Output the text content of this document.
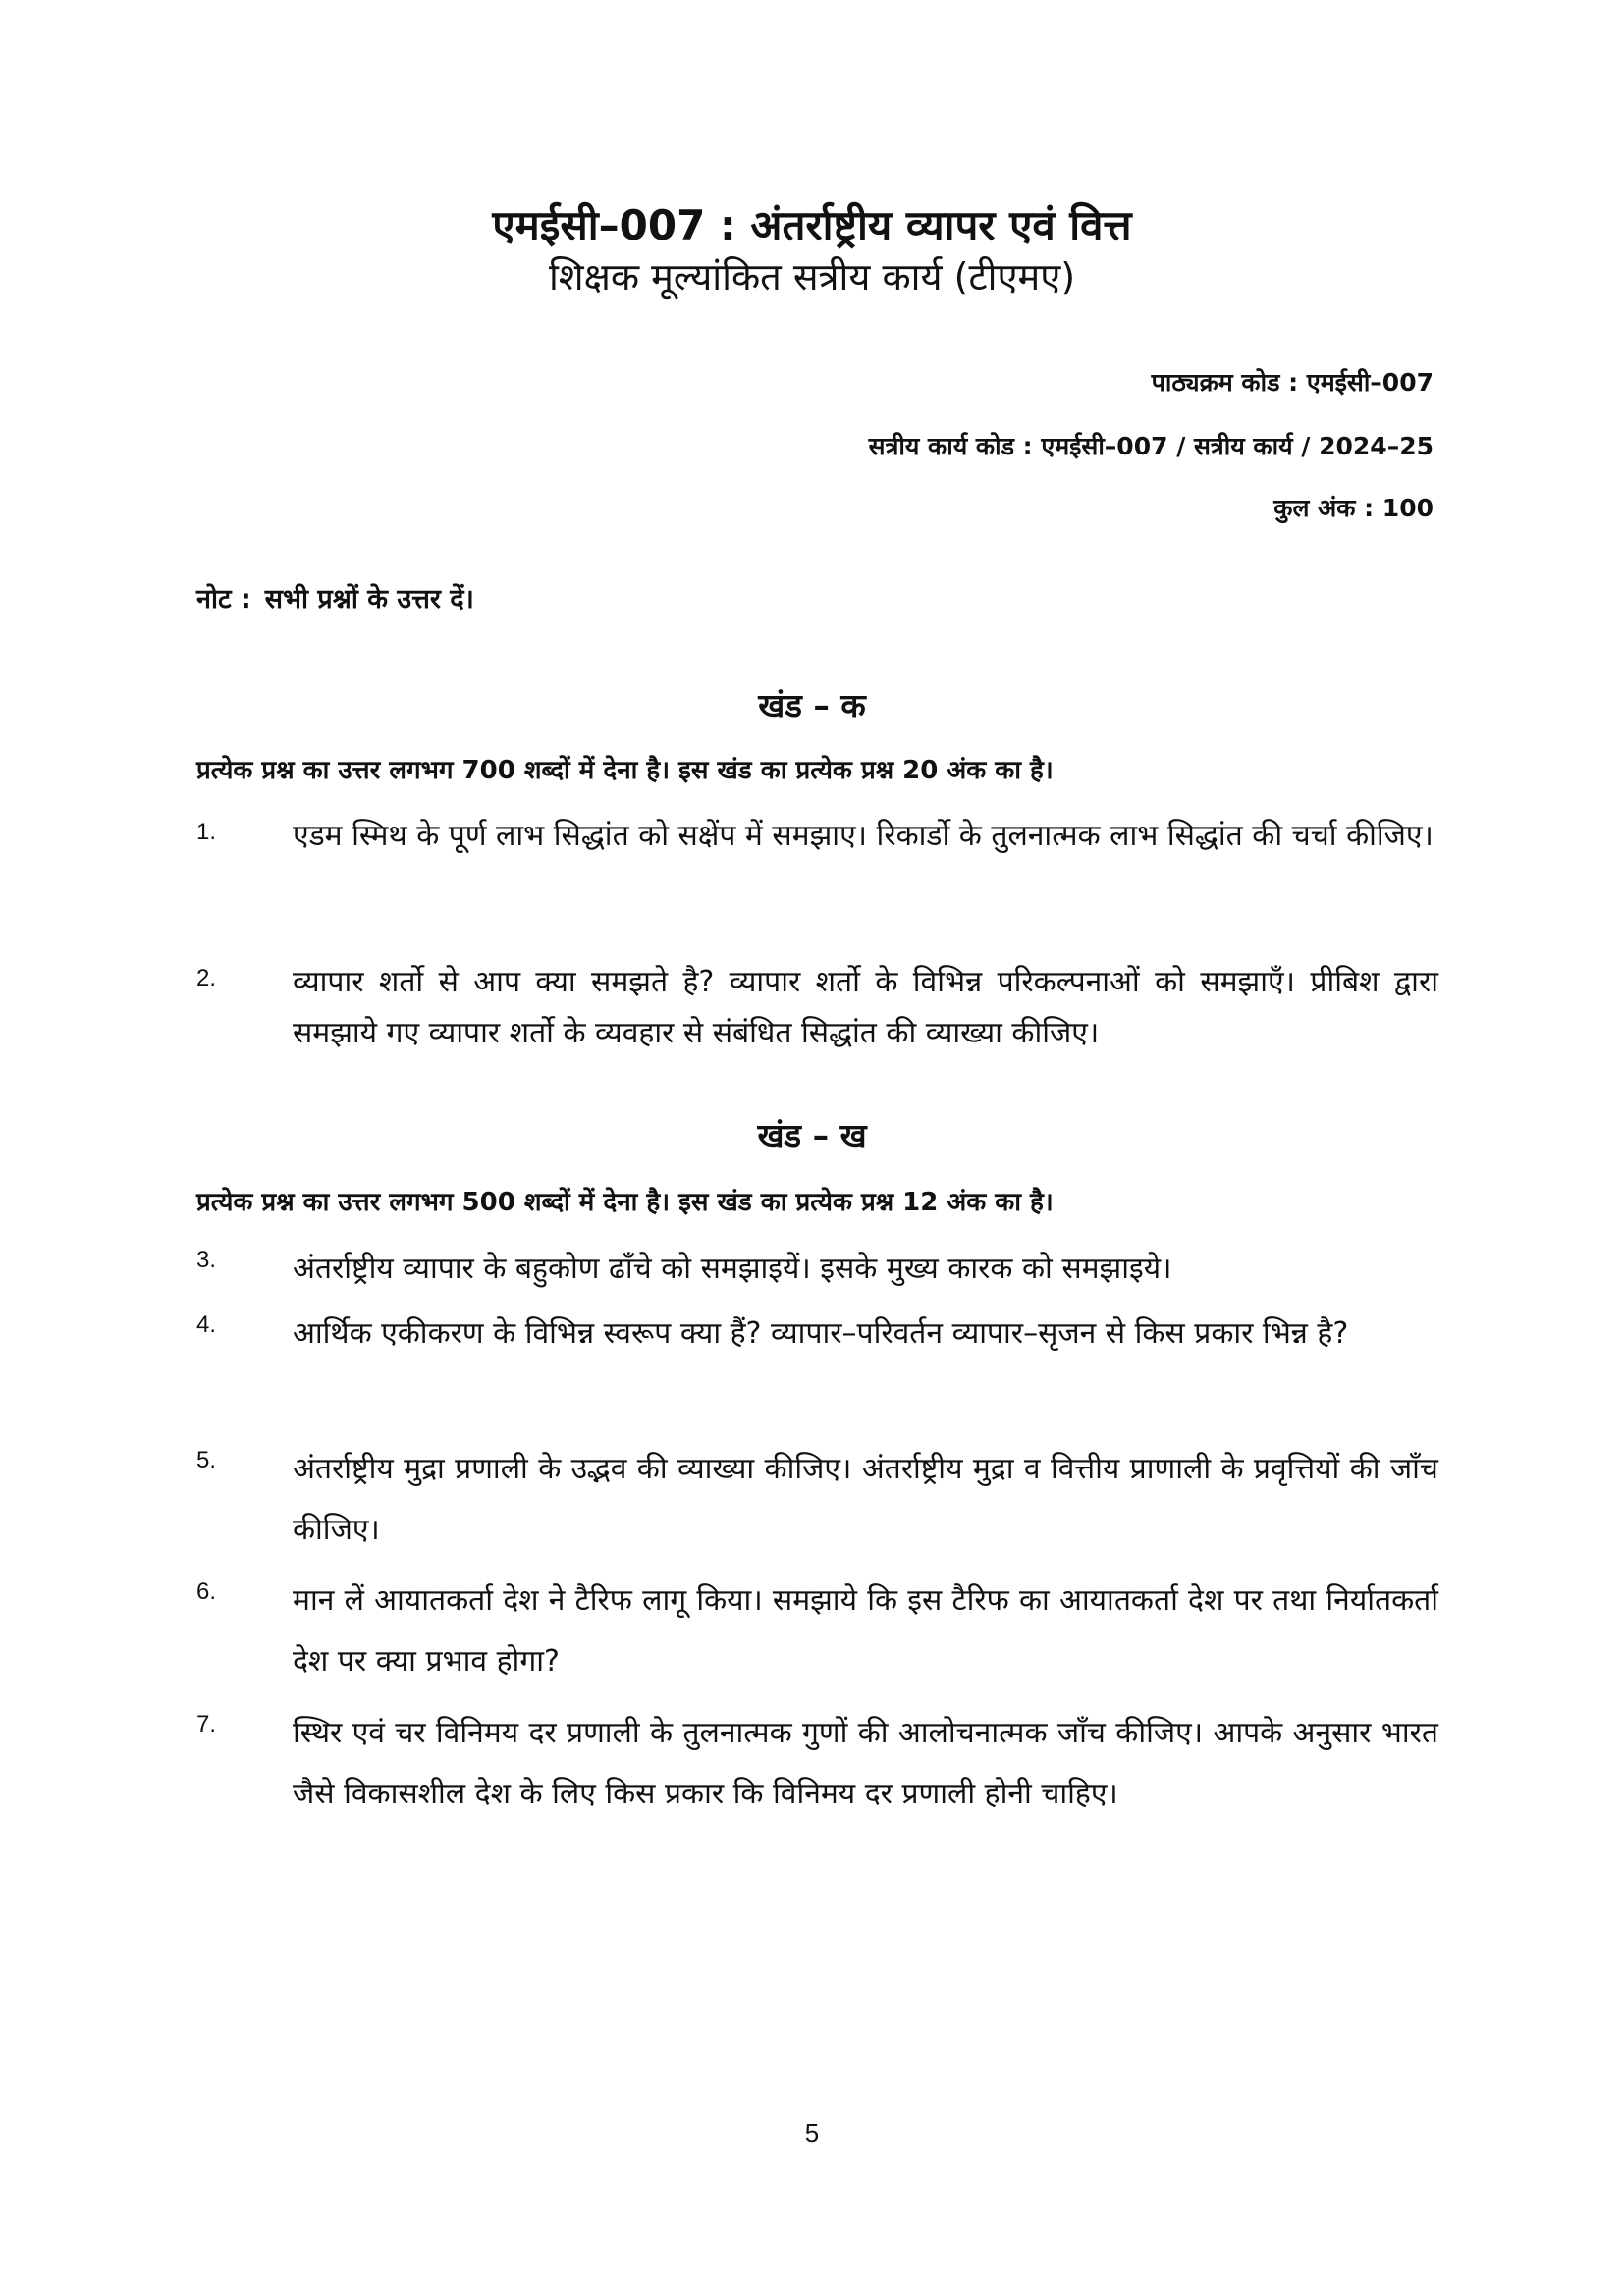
एमईसी–007 : अंतर्राष्ट्रीय व्यापर एवं वित्त
शिक्षक मूल्यांकित सत्रीय कार्य (टीएमए)
पाठ्यक्रम कोड : एमईसी–007
सत्रीय कार्य कोड : एमईसी–007 / सत्रीय कार्य / 2024–25
कुल अंक : 100
नोट : सभी प्रश्नों के उत्तर दें।
खंड – क
प्रत्येक प्रश्न का उत्तर लगभग 700 शब्दों में देना है। इस खंड का प्रत्येक प्रश्न 20 अंक का है।
1.	एडम स्मिथ के पूर्ण लाभ सिद्धांत को सक्षेंप में समझाए। रिकार्डो के तुलनात्मक लाभ सिद्धांत की चर्चा कीजिए।
2.	व्यापार शर्तो से आप क्या समझते है? व्यापार शर्तो के विभिन्न परिकल्पनाओं को समझाएँ। प्रीबिश द्वारा समझाये गए व्यापार शर्तो के व्यवहार से संबंधित सिद्धांत की व्याख्या कीजिए।
खंड – ख
प्रत्येक प्रश्न का उत्तर लगभग 500 शब्दों में देना है। इस खंड का प्रत्येक प्रश्न 12 अंक का है।
3.	अंतर्राष्ट्रीय व्यापार के बहुकोण ढाँचे को समझाइयें। इसके मुख्य कारक को समझाइये।
4.	आर्थिक एकीकरण के विभिन्न स्वरूप क्या हैं? व्यापार–परिवर्तन व्यापार–सृजन से किस प्रकार भिन्न है?
5.	अंतर्राष्ट्रीय मुद्रा प्रणाली के उद्भव की व्याख्या कीजिए। अंतर्राष्ट्रीय मुद्रा व वित्तीय प्राणाली के प्रवृत्तियों की जाँच कीजिए।
6.	मान लें आयातकर्ता देश ने टैरिफ लागू किया। समझाये कि इस टैरिफ का आयातकर्ता देश पर तथा निर्यातकर्ता देश पर क्या प्रभाव होगा?
7.	स्थिर एवं चर विनिमय दर प्रणाली के तुलनात्मक गुणों की आलोचनात्मक जाँच कीजिए। आपके अनुसार भारत जैसे विकासशील देश के लिए किस प्रकार कि विनिमय दर प्रणाली होनी चाहिए।
5
